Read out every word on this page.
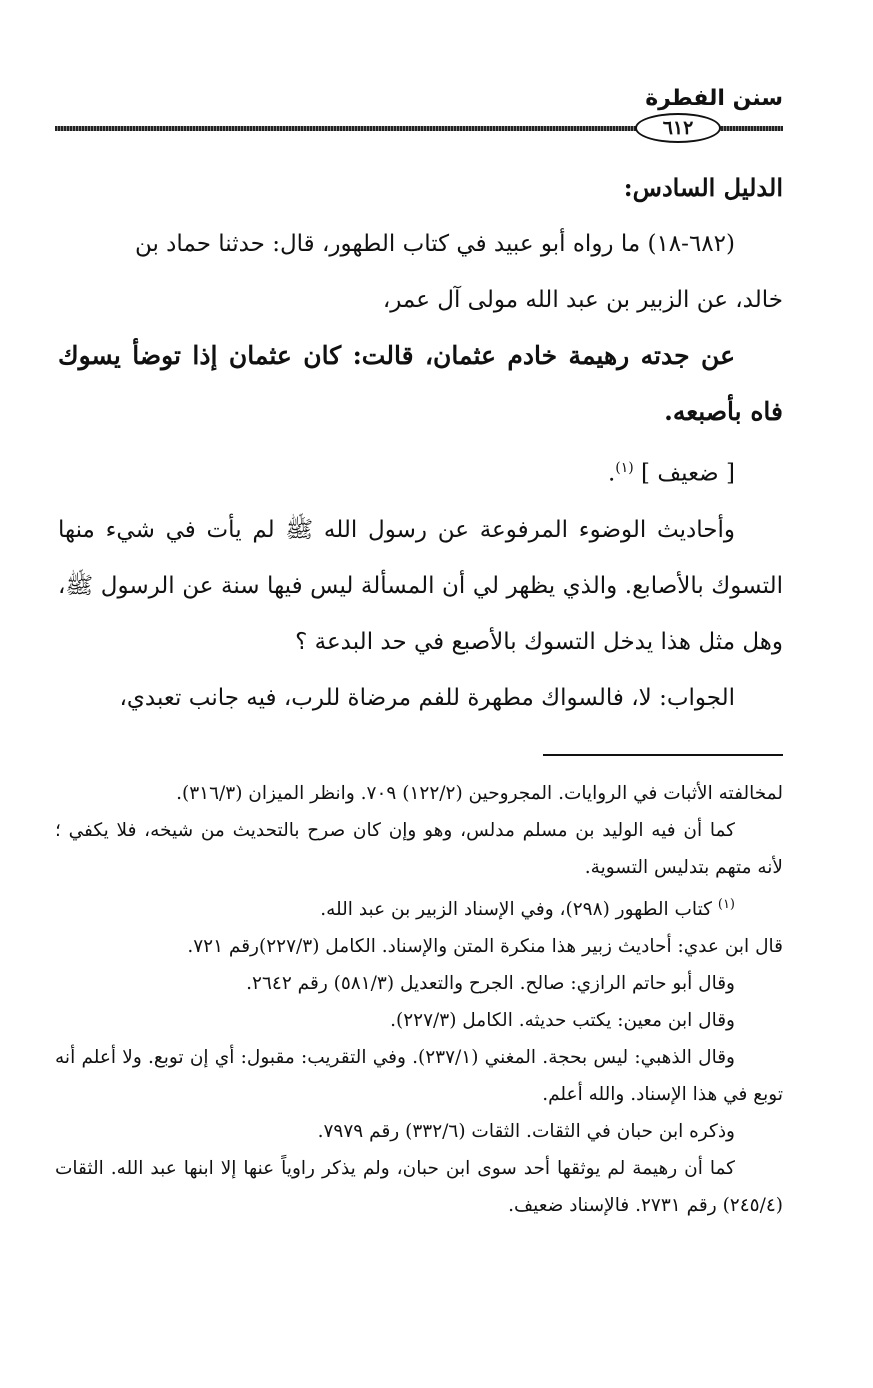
سنن الفطرة
٦١٢

الدليل السادس:

(٦٨٢-١٨) ما رواه أبو عبيد في كتاب الطهور، قال: حدثنا حماد بن

خالد، عن الزبير بن عبد الله مولى آل عمر،

عن جدته رهيمة خادم عثمان، قالت: كان عثمان إذا توضأ يسوك فاه بأصبعه.

[ ضعيف ] $^{(١)}$.

وأحاديث الوضوء المرفوعة عن رسول الله ﷺ لم يأت في شيء منها التسوك بالأصابع. والذي يظهر لي أن المسألة ليس فيها سنة عن الرسول ﷺ، وهل مثل هذا يدخل التسوك بالأصبع في حد البدعة ؟

الجواب: لا، فالسواك مطهرة للفم مرضاة للرب، فيه جانب تعبدي،

لمخالفته الأثبات في الروايات. المجروحين (١٢٢/٢) ٧٠٩. وانظر الميزان (٣١٦/٣).

كما أن فيه الوليد بن مسلم مدلس، وهو وإن كان صرح بالتحديث من شيخه، فلا يكفي ؛ لأنه متهم بتدليس التسوية.

$^{(١)}$ كتاب الطهور (٢٩٨)، وفي الإسناد الزبير بن عبد الله.

قال ابن عدي: أحاديث زبير هذا منكرة المتن والإسناد. الكامل (٢٢٧/٣)رقم ٧٢١.

وقال أبو حاتم الرازي: صالح. الجرح والتعديل (٥٨١/٣) رقم ٢٦٤٢.

وقال ابن معين: يكتب حديثه. الكامل (٢٢٧/٣).

وقال الذهبي: ليس بحجة. المغني (٢٣٧/١). وفي التقريب: مقبول: أي إن توبع. ولا أعلم أنه توبع في هذا الإسناد. والله أعلم.

وذكره ابن حبان في الثقات. الثقات (٣٣٢/٦) رقم ٧٩٧٩.

كما أن رهيمة لم يوثقها أحد سوى ابن حبان، ولم يذكر راوياً عنها إلا ابنها عبد الله. الثقات (٢٤٥/٤) رقم ٢٧٣١. فالإسناد ضعيف.
